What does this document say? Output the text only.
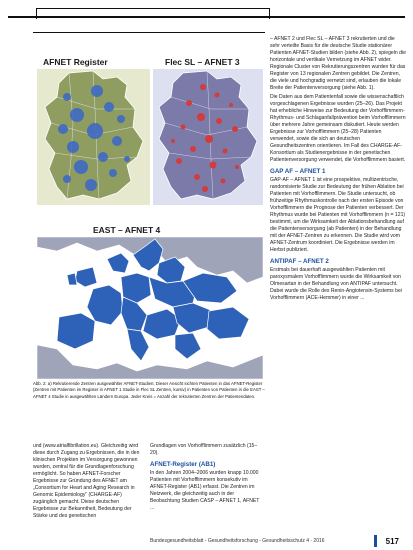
AFNET Register	Flec SL – AFNET 3
EAST – AFNET 4
Abb. 2: a) Rekrutierende Zentren ausgewählter AFNET-Studien; Dieser Ansicht sichten Patienten in das AFNET-Register (Zentren mit Patienten im Register in AFNET 1 Studie in Flec SL Zentren, kursiv) in Patienten von Patienten in die EAST – AFNET 4 Studie in ausgewählten Ländern Europa. Jeder Kreis = Anzahl der rekrutierten Zentren der Patientendaten.

und (www.atrialfibrillation.eu). Gleichzeitig wird diese durch Zugang zu Ergebnissen, die in den klinischen Projekten im Versorgung gewonnen wurden, zentral für die Grundlagenforschung ermöglicht. So haben AFNET-Forscher Ergebnisse zur Gründung des AFNET am „Consortium for Heart and Aging Research in Genomic Epidemiology“ (CHARGE-AF) zugänglich gemacht. Diese deutschen Ergebnisse zur Bekanntheit, Bedeutung der Stärke und des genetischen

Grundlagen von Vorhofflimmern zusätzlich (15–20).

AFNET-Register (AB1)

In den Jahren 2004–2006 wurden knapp 10.000 Patienten mit Vorhofflimmern konsekutiv im AFNET-Register (AB1) erfasst. Die Zentren im Netzwerk, die gleichzeitig auch in der Beobachtung Studien CASP – AFNET 1, AFNET ...

– AFNET 2 und Flec SL – AFNET 3 rekrutierten und die sehr verteilte Basis für die deutsche Studie stationärer Patienten AFNET-Studien bilden (siehe Abb. 2), spiegeln die horizontale und vertikale Vernetzung im AFNET wider. Regionale Cluster von Rekrutierungszentren wurden für das Register von 13 regionalen Zentren gebildet. Die Zentren, die viele und hochgradig vernetzt sind, erlauben die lokale Breite der Patientenversorgung (siehe Abb. 1).

Die Daten aus dem Patientenfall sowie die wissenschaftlich vorgeschlagenen Ergebnisse wurden (25–26). Das Projekt hat erhebliche Hinweise zur Bedeutung der Vorhofflimmern-Rhythmus- und Schlaganfallprävention beim Vorhofflimmern über mehrere Jahre gemeinsam diskutiert. Heute werden Ergebnisse zur Vorhofflimmern (25–28) Patienten verwendet, sowie die sich an deutschen Gesundheitszentren orientieren. Im Fall des CHARGE-AF-Konsortium als Studienergebnisse in der genetischen Patientenversorgung verwendet, die Vorhofflimmern basiert.

GAP AF – AFNET 1

GAP-AF – AFNET 1 ist eine prospektive, multizentrische, randomisierte Studie zur Bedeutung der frühen Ablation bei Patienten mit Vorhofflimmern. Die Studie untersucht, ob frühzeitige Rhythmuskontrolle nach der ersten Episode von Vorhofflimmern die Prognose der Patienten verbessert. Der Rhythmus wurde bei Patienten mit Vorhofflimmern (n = 121) bestimmt, um die Wirksamkeit der Ablationsbehandlung auf die Patientenversorgung (ab Patienten) in der Behandlung mit der AFNET-Zentren zu erkennen. Die Studie wird vom AFNET-Zentrum koordiniert. Die Ergebnisse werden im Herbst publiziert.

ANTIPAF – AFNET 2

Erstmals bei dauerhaft ausgewählten Patienten mit paroxysmalem Vorhofflimmern wurde die Wirksamkeit von Olmesartan in der Behandlung von ANTIPAF untersucht. Dabei wurde die Rolle des Renin-Angiotensin-Systems bei Vorhofflimmern (ACE-Hemmer) in einer ...

Bundesgesundheitsblatt - Gesundheitsforschung - Gesundheitsschutz 4 · 2016	517
